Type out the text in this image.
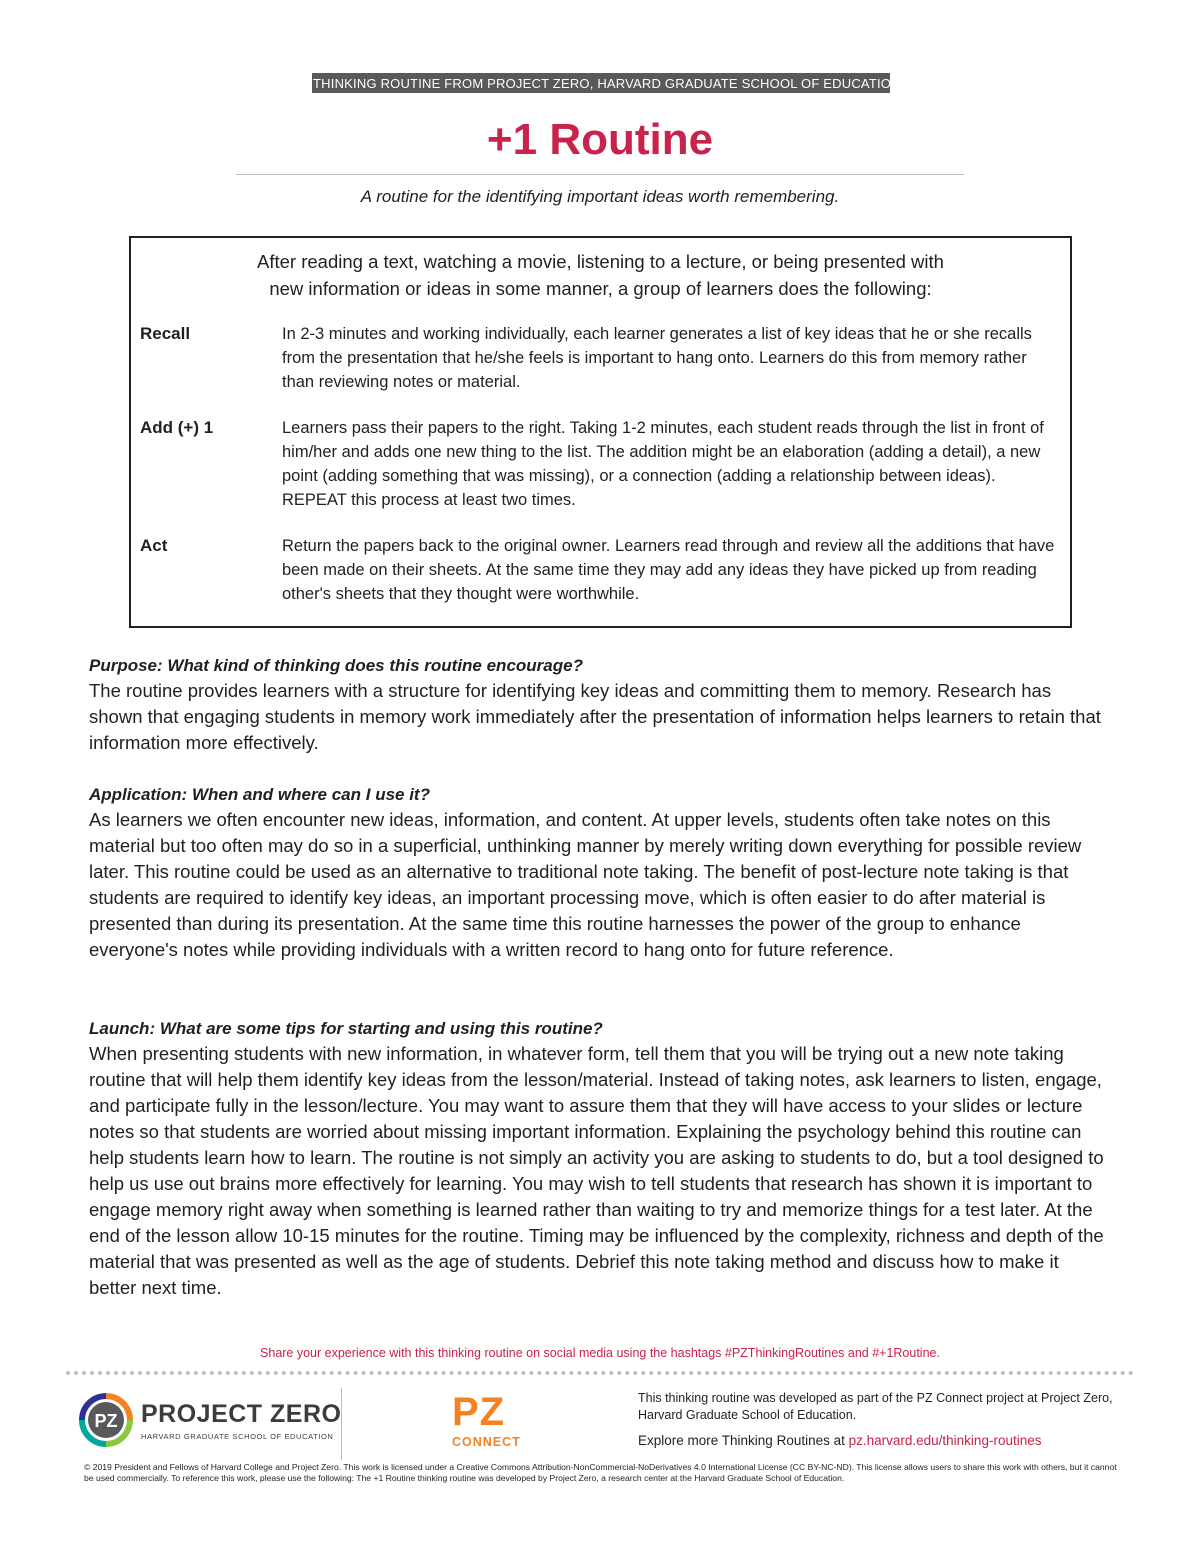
A THINKING ROUTINE FROM PROJECT ZERO, HARVARD GRADUATE SCHOOL OF EDUCATION
+1 Routine
A routine for the identifying important ideas worth remembering.
After reading a text, watching a movie, listening to a lecture, or being presented with
new information or ideas in some manner, a group of learners does the following:
Recall	In 2-3 minutes and working individually, each learner generates a list of key ideas that he or she recalls from the presentation that he/she feels is important to hang onto. Learners do this from memory rather than reviewing notes or material.
Add (+) 1	Learners pass their papers to the right. Taking 1-2 minutes, each student reads through the list in front of him/her and adds one new thing to the list. The addition might be an elaboration (adding a detail), a new point (adding something that was missing), or a connection (adding a relationship between ideas). REPEAT this process at least two times.
Act	Return the papers back to the original owner. Learners read through and review all the additions that have been made on their sheets. At the same time they may add any ideas they have picked up from reading other's sheets that they thought were worthwhile.
Purpose: What kind of thinking does this routine encourage?
The routine provides learners with a structure for identifying key ideas and committing them to memory. Research has shown that engaging students in memory work immediately after the presentation of information helps learners to retain that information more effectively.
Application: When and where can I use it?
As learners we often encounter new ideas, information, and content. At upper levels, students often take notes on this material but too often may do so in a superficial, unthinking manner by merely writing down everything for possible review later. This routine could be used as an alternative to traditional note taking. The benefit of post-lecture note taking is that students are required to identify key ideas, an important processing move, which is often easier to do after material is presented than during its presentation. At the same time this routine harnesses the power of the group to enhance everyone's notes while providing individuals with a written record to hang onto for future reference.
Launch: What are some tips for starting and using this routine?
When presenting students with new information, in whatever form, tell them that you will be trying out a new note taking routine that will help them identify key ideas from the lesson/material. Instead of taking notes, ask learners to listen, engage, and participate fully in the lesson/lecture. You may want to assure them that they will have access to your slides or lecture notes so that students are worried about missing important information. Explaining the psychology behind this routine can help students learn how to learn. The routine is not simply an activity you are asking to students to do, but a tool designed to help us use out brains more effectively for learning. You may wish to tell students that research has shown it is important to engage memory right away when something is learned rather than waiting to try and memorize things for a test later. At the end of the lesson allow 10-15 minutes for the routine. Timing may be influenced by the complexity, richness and depth of the material that was presented as well as the age of students. Debrief this note taking method and discuss how to make it better next time.
Share your experience with this thinking routine on social media using the hashtags #PZThinkingRoutines and #+1Routine.
PZ PROJECT ZERO
HARVARD GRADUATE SCHOOL OF EDUCATION
PZ
CONNECT
This thinking routine was developed as part of the PZ Connect project at Project Zero, Harvard Graduate School of Education.
Explore more Thinking Routines at pz.harvard.edu/thinking-routines
© 2019 President and Fellows of Harvard College and Project Zero. This work is licensed under a Creative Commons Attribution-NonCommercial-NoDerivatives 4.0 International License (CC BY-NC-ND). This license allows users to share this work with others, but it cannot be used commercially. To reference this work, please use the following: The +1 Routine thinking routine was developed by Project Zero, a research center at the Harvard Graduate School of Education.
